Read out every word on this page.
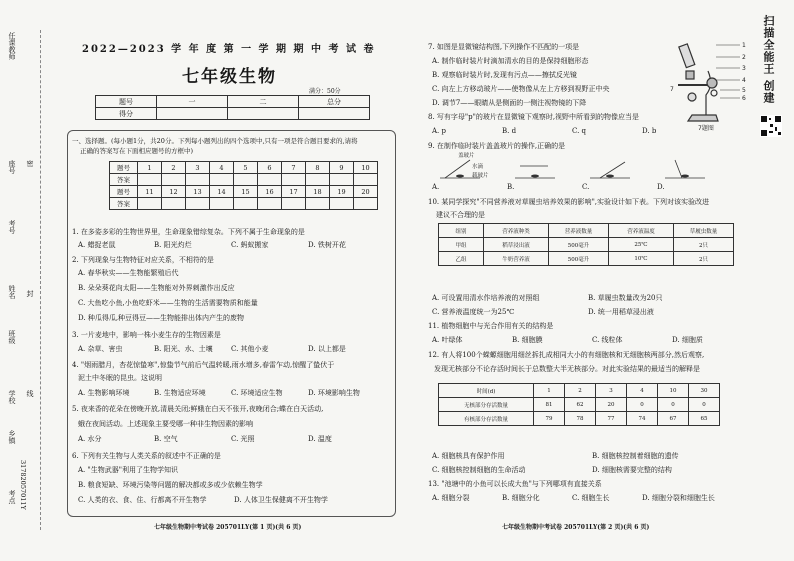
任课教师
座号
考号
姓名
班级
学校
乡镇
考点 31782057011Y
密
封
线
2022—2023 学 年 度 第 一 学 期 期 中 考 试 卷
七年级生物
满分：50分
题号	一	二	总分
得分			
一、选择题。(每小题1分，共20分。下列每小题列出的四个选项中,只有一项是符合题目要求的,请将
正确的答案写在下面相应题号的方框中)
题号	1	2	3	4	5	6	7	8	9	10
答案										
题号	11	12	13	14	15	16	17	18	19	20
答案										
1. 在多姿多彩的生物世界里，生命现象错综复杂。下列不属于生命现象的是
A. 蜡捉老鼠	B. 阳光灼烂	C. 蚂蚁搬家	D. 铁树开花
2. 下列现象与生物特征对应关系，不相符的是
A. 春华秋实——生物能繁殖后代
B. 朵朵葵花向太阳——生物能对外界刺激作出反应
C. 大鱼吃小鱼,小鱼吃虾米——生物的生活需要物质和能量
D. 种瓜得瓜,种豆得豆——生物能排出体内产生的废物
3. 一片麦地中，影响一株小麦生存的生物因素是
A. 杂草、害虫	B. 阳光、水、土壤	C. 其他小麦	D. 以上都是
4. "烟雨腊月，杏花惊蛰寒",惊蛰节气前后气温转暖,雨水增多,春雷乍动,惊醒了蛰伏于
泥土中冬眠的昆虫。这说明
A. 生物影响环境	B. 生物适应环境	C. 环境适应生物	D. 环境影响生物
5. 夜来香的花朵在傍晚开放,清晨关闭;鲜蛾在白天不张开,夜晚闭合;蝶在白天活动,
蛾在夜间活动。上述现象主要受哪一种非生物因素的影响
A. 水分	B. 空气	C. 光照	D. 温度
6. 下列有关生物与人类关系的叙述中不正确的是
A. "生物武器"利用了生物学知识
B. 粮食短缺、环境污染等问题的解决都或多或少依赖生物学
C. 人类的衣、食、住、行都离不开生物学	D. 人体卫生保健离不开生物学
七年级生物期中考试卷 205701LY(第 1 页)(共 6 页)
7. 如图是显微镜结构图,下列操作不匹配的一项是
A. 制作临时装片时滴加清水的目的是保持细胞形态
B. 观察临时装片时,发现有污点——擦拭反光镜
C. 向左上方移动玻片——使物像从左上方移到视野正中央
D. 调节7——眼睛从是侧面的一侧注视物镜的下降
8. 写有字母"p"的玻片在显微镜下观察时,视野中所看到的物像应当是
A. p	B. d	C. q	D. b
9. 在制作临时装片盖盖玻片的操作,正确的是
A.	B.	C.	D.
盖玻片
水滴
载玻片
10. 某同学探究"不同营养液对草履虫培养效果的影响",实验设计如下表。下列对该实验改进
建议不合理的是
组别	营养液种类	营养液数量	营养液温度	草履虫数量
甲组	稻草浸出液	500毫升	25℃	2只
乙组	牛奶营养液	500毫升	10℃	2只
A. 可设置用清水作培养液的对照组	B. 草履虫数量改为20只
C. 营养液温度统一为25℃	D. 统一用稻草浸出液
11. 植物细胞中与光合作用有关的结构是
A. 叶绿体	B. 细胞膜	C. 线粒体	D. 细胞质
12. 有人将100个蝾螈细胞用细丝拆扎成相同大小的有细胞核和无细胞核两部分,然后观察,
发现无核部分不论存活时间长于总数整大半无核部分。对此实验结果的最适当的解释是
时间(d)	1	2	3	4	10	30
无核部分存活数量	81	62	20	0	0	0
有核部分存活数量	79	78	77	74	67	65
A. 细胞核具有保护作用	B. 细胞核控制着细胞的遗传
C. 细胞核控制细胞的生命活动	D. 细胞核需要完整的结构
13. "池塘中的小鱼可以长成大鱼"与下列哪项有直接关系
A. 细胞分裂	B. 细胞分化	C. 细胞生长	D. 细胞分裂和细胞生长
七年级生物期中考试卷 205701LY(第 2 页)(共 6 页)
1
2
3
4
5
6
7
7题图
扫描全能王 创建
